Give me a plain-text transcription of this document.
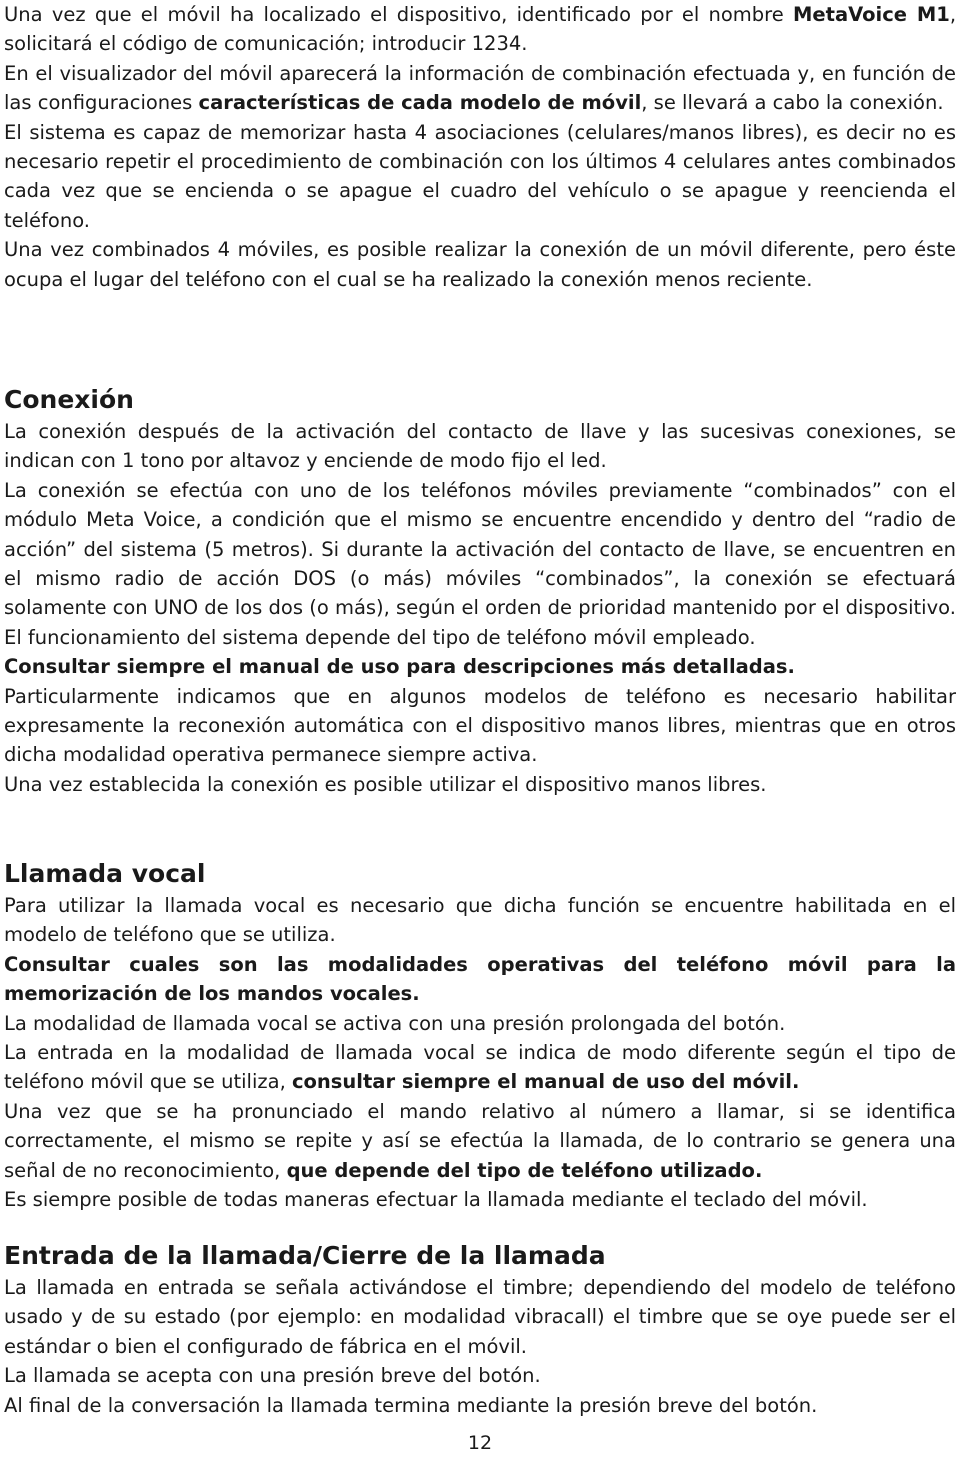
Una vez que el móvil ha localizado el dispositivo, identificado por el nombre MetaVoice M1, solicitará el código de comunicación; introducir 1234.

En el visualizador del móvil aparecerá la información de combinación efectuada y, en función de las configuraciones características de cada modelo de móvil, se llevará a cabo la conexión.

El sistema es capaz de memorizar hasta 4 asociaciones (celulares/manos libres), es decir no es necesario repetir el procedimiento de combinación con los últimos 4 celulares antes combinados cada vez que se encienda o se apague el cuadro del vehículo o se apague y reencienda el teléfono.

Una vez combinados 4 móviles, es posible realizar la conexión de un móvil diferente, pero éste ocupa el lugar del teléfono con el cual se ha realizado la conexión menos reciente.

Conexión

La conexión después de la activación del contacto de llave y las sucesivas conexiones, se indican con 1 tono por altavoz y enciende de modo fijo el led.

La conexión se efectúa con uno de los teléfonos móviles previamente “combinados” con el módulo Meta Voice, a condición que el mismo se encuentre encendido y dentro del “radio de acción” del sistema (5 metros). Si durante la activación del contacto de llave, se encuentren en el mismo radio de acción DOS (o más) móviles “combinados”, la conexión se efectuará solamente con UNO de los dos (o más), según el orden de prioridad mantenido por el dispositivo.

El funcionamiento del sistema depende del tipo de teléfono móvil empleado.

Consultar siempre el manual de uso para descripciones más detalladas.

Particularmente indicamos que en algunos modelos de teléfono es necesario habilitar expresamente la reconexión automática con el dispositivo manos libres, mientras que en otros dicha modalidad operativa permanece siempre activa.

Una vez establecida la conexión es posible utilizar el dispositivo manos libres.

Llamada vocal

Para utilizar la llamada vocal es necesario que dicha función se encuentre habilitada en el modelo de teléfono que se utiliza.

Consultar cuales son las modalidades operativas del teléfono móvil para la memorización de los mandos vocales.

La modalidad de llamada vocal se activa con una presión prolongada del botón.

La entrada en la modalidad de llamada vocal se indica de modo diferente según el tipo de teléfono móvil que se utiliza, consultar siempre el manual de uso del móvil.

Una vez que se ha pronunciado el mando relativo al número a llamar, si se identifica correctamente, el mismo se repite y así se efectúa la llamada, de lo contrario se genera una señal de no reconocimiento, que depende del tipo de teléfono utilizado.

Es siempre posible de todas maneras efectuar la llamada mediante el teclado del móvil.

Entrada de la llamada/Cierre de la llamada

La llamada en entrada se señala activándose el timbre; dependiendo del modelo de teléfono usado y de su estado (por ejemplo: en modalidad vibracall) el timbre que se oye puede ser el estándar o bien el configurado de fábrica en el móvil.

La llamada se acepta con una presión breve del botón.

Al final de la conversación la llamada termina mediante la presión breve del botón.

12
